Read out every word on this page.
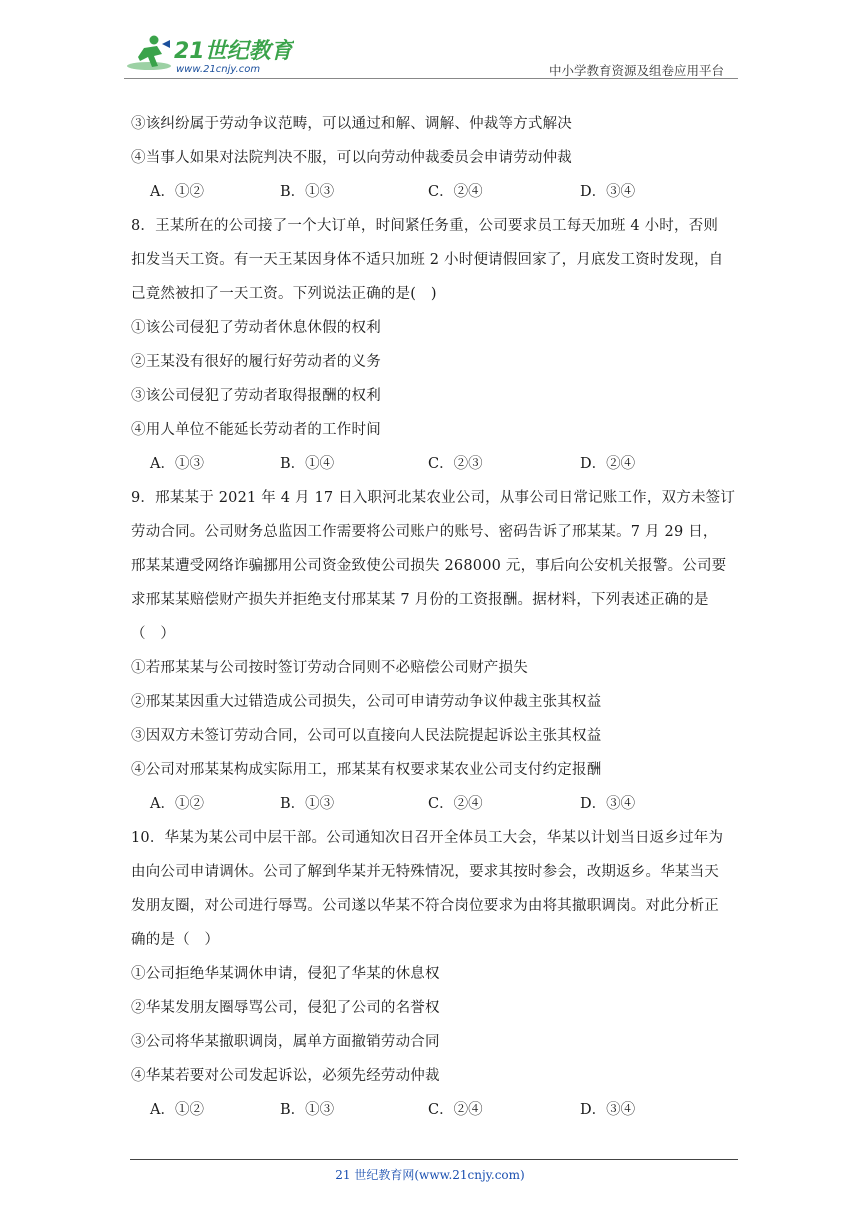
21世纪教育
www.21cnjy.com	中小学教育资源及组卷应用平台
③该纠纷属于劳动争议范畴，可以通过和解、调解、仲裁等方式解决
④当事人如果对法院判决不服，可以向劳动仲裁委员会申请劳动仲裁
A．①②	B．①③	C．②④	D．③④
8．王某所在的公司接了一个大订单，时间紧任务重，公司要求员工每天加班 4 小时，否则
扣发当天工资。有一天王某因身体不适只加班 2 小时便请假回家了，月底发工资时发现，自
己竟然被扣了一天工资。下列说法正确的是(　)
①该公司侵犯了劳动者休息休假的权利
②王某没有很好的履行好劳动者的义务
③该公司侵犯了劳动者取得报酬的权利
④用人单位不能延长劳动者的工作时间
A．①③	B．①④	C．②③	D．②④
9．邢某某于 2021 年 4 月 17 日入职河北某农业公司，从事公司日常记账工作，双方未签订
劳动合同。公司财务总监因工作需要将公司账户的账号、密码告诉了邢某某。7 月 29 日，
邢某某遭受网络诈骗挪用公司资金致使公司损失 268000 元，事后向公安机关报警。公司要
求邢某某赔偿财产损失并拒绝支付邢某某 7 月份的工资报酬。据材料，下列表述正确的是
（　）
①若邢某某与公司按时签订劳动合同则不必赔偿公司财产损失
②邢某某因重大过错造成公司损失，公司可申请劳动争议仲裁主张其权益
③因双方未签订劳动合同，公司可以直接向人民法院提起诉讼主张其权益
④公司对邢某某构成实际用工，邢某某有权要求某农业公司支付约定报酬
A．①②	B．①③	C．②④	D．③④
10．华某为某公司中层干部。公司通知次日召开全体员工大会，华某以计划当日返乡过年为
由向公司申请调休。公司了解到华某并无特殊情况，要求其按时参会，改期返乡。华某当天
发朋友圈，对公司进行辱骂。公司遂以华某不符合岗位要求为由将其撤职调岗。对此分析正
确的是（　）
①公司拒绝华某调休申请，侵犯了华某的休息权
②华某发朋友圈辱骂公司，侵犯了公司的名誉权
③公司将华某撤职调岗，属单方面撤销劳动合同
④华某若要对公司发起诉讼，必须先经劳动仲裁
A．①②	B．①③	C．②④	D．③④
21 世纪教育网(www.21cnjy.com)
